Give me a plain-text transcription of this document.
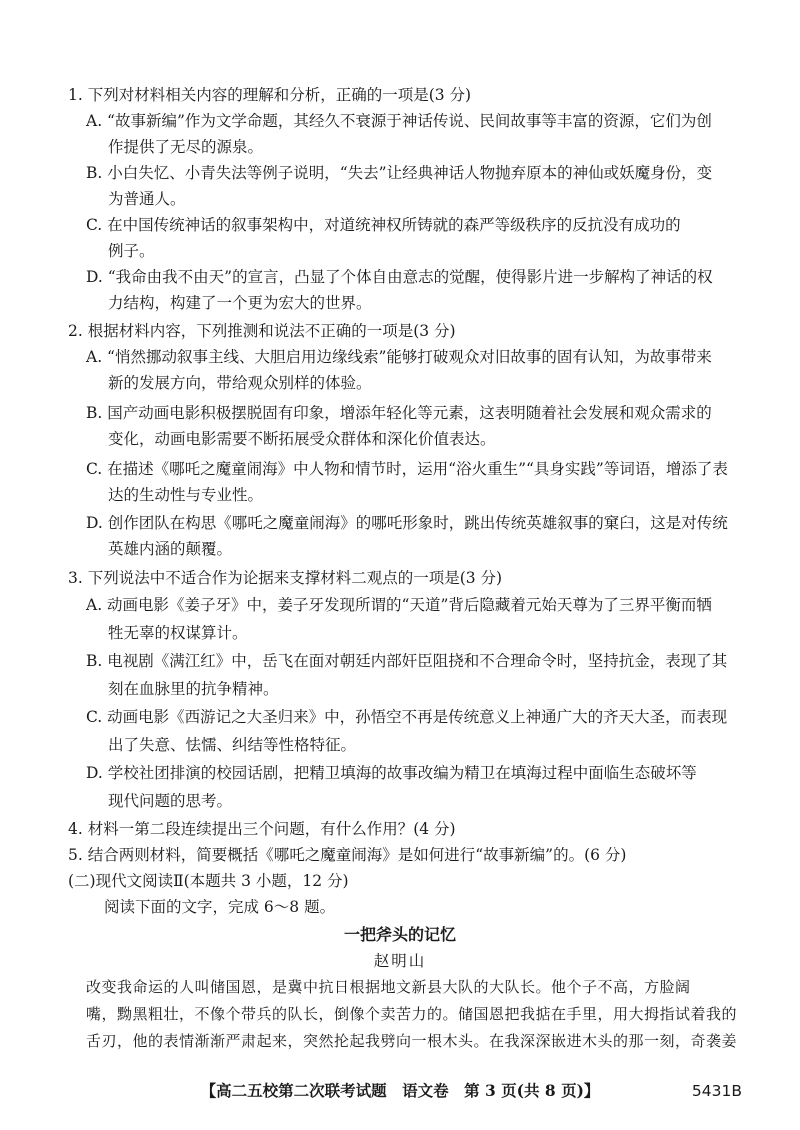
1. 下列对材料相关内容的理解和分析，正确的一项是(3 分)
A. “故事新编”作为文学命题，其经久不衰源于神话传说、民间故事等丰富的资源，它们为创
作提供了无尽的源泉。
B. 小白失忆、小青失法等例子说明，“失去”让经典神话人物抛弃原本的神仙或妖魔身份，变
为普通人。
C. 在中国传统神话的叙事架构中，对道统神权所铸就的森严等级秩序的反抗没有成功的
例子。
D. “我命由我不由天”的宣言，凸显了个体自由意志的觉醒，使得影片进一步解构了神话的权
力结构，构建了一个更为宏大的世界。
2. 根据材料内容，下列推测和说法不正确的一项是(3 分)
A. “悄然挪动叙事主线、大胆启用边缘线索”能够打破观众对旧故事的固有认知，为故事带来
新的发展方向，带给观众别样的体验。
B. 国产动画电影积极摆脱固有印象，增添年轻化等元素，这表明随着社会发展和观众需求的
变化，动画电影需要不断拓展受众群体和深化价值表达。
C. 在描述《哪吒之魔童闹海》中人物和情节时，运用“浴火重生”“具身实践”等词语，增添了表
达的生动性与专业性。
D. 创作团队在构思《哪吒之魔童闹海》的哪吒形象时，跳出传统英雄叙事的窠臼，这是对传统
英雄内涵的颠覆。
3. 下列说法中不适合作为论据来支撑材料二观点的一项是(3 分)
A. 动画电影《姜子牙》中，姜子牙发现所谓的“天道”背后隐藏着元始天尊为了三界平衡而牺
牲无辜的权谋算计。
B. 电视剧《满江红》中，岳飞在面对朝廷内部奸臣阻挠和不合理命令时，坚持抗金，表现了其
刻在血脉里的抗争精神。
C. 动画电影《西游记之大圣归来》中，孙悟空不再是传统意义上神通广大的齐天大圣，而表现
出了失意、怯懦、纠结等性格特征。
D. 学校社团排演的校园话剧，把精卫填海的故事改编为精卫在填海过程中面临生态破坏等
现代问题的思考。
4. 材料一第二段连续提出三个问题，有什么作用？(4 分)
5. 结合两则材料，简要概括《哪吒之魔童闹海》是如何进行“故事新编”的。(6 分)
(二)现代文阅读Ⅱ(本题共 3 小题，12 分)
阅读下面的文字，完成 6～8 题。
一把斧头的记忆
赵明山
改变我命运的人叫储国恩，是冀中抗日根据地文新县大队的大队长。他个子不高，方脸阔
嘴，黝黑粗壮，不像个带兵的队长，倒像个卖苦力的。储国恩把我掂在手里，用大拇指试着我的
舌刃，他的表情渐渐严肃起来，突然抡起我劈向一根木头。在我深深嵌进木头的那一刻，奇袭姜
【高二五校第二次联考试题　语文卷　第 3 页(共 8 页)】	5431B
